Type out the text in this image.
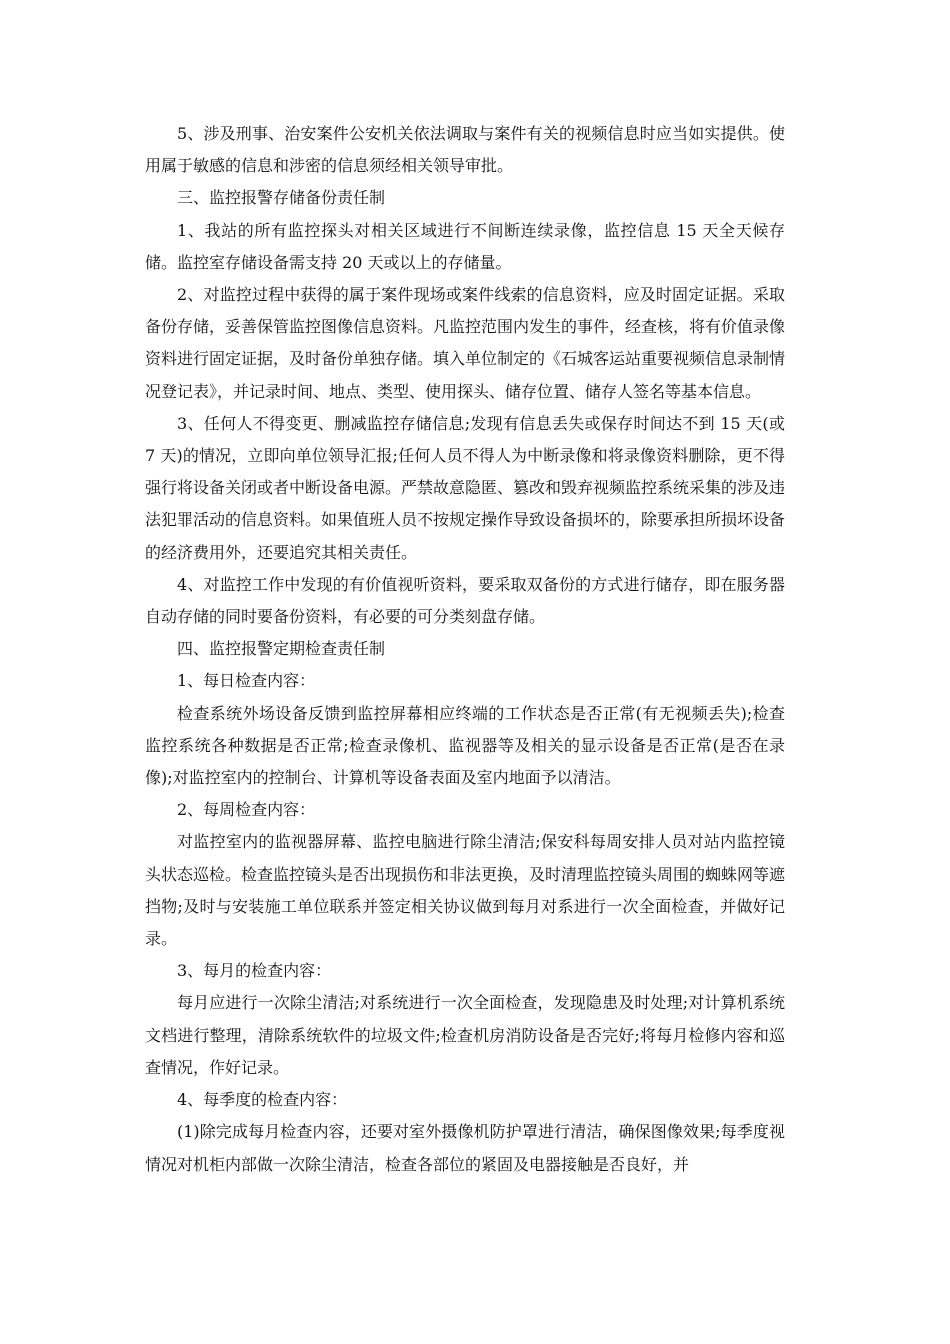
5、涉及刑事、治安案件公安机关依法调取与案件有关的视频信息时应当如实提供。使用属于敏感的信息和涉密的信息须经相关领导审批。

三、监控报警存储备份责任制

1、我站的所有监控探头对相关区域进行不间断连续录像，监控信息 15 天全天候存储。监控室存储设备需支持 20 天或以上的存储量。

2、对监控过程中获得的属于案件现场或案件线索的信息资料，应及时固定证据。采取备份存储，妥善保管监控图像信息资料。凡监控范围内发生的事件，经查核，将有价值录像资料进行固定证据，及时备份单独存储。填入单位制定的《石城客运站重要视频信息录制情况登记表》，并记录时间、地点、类型、使用探头、储存位置、储存人签名等基本信息。

3、任何人不得变更、删减监控存储信息;发现有信息丢失或保存时间达不到 15 天(或 7 天)的情况，立即向单位领导汇报;任何人员不得人为中断录像和将录像资料删除，更不得强行将设备关闭或者中断设备电源。严禁故意隐匿、篡改和毁弃视频监控系统采集的涉及违法犯罪活动的信息资料。如果值班人员不按规定操作导致设备损坏的，除要承担所损坏设备的经济费用外，还要追究其相关责任。

4、对监控工作中发现的有价值视听资料，要采取双备份的方式进行储存，即在服务器自动存储的同时要备份资料，有必要的可分类刻盘存储。

四、监控报警定期检查责任制

1、每日检查内容：

检查系统外场设备反馈到监控屏幕相应终端的工作状态是否正常(有无视频丢失);检查监控系统各种数据是否正常;检查录像机、监视器等及相关的显示设备是否正常(是否在录像);对监控室内的控制台、计算机等设备表面及室内地面予以清洁。

2、每周检查内容：

对监控室内的监视器屏幕、监控电脑进行除尘清洁;保安科每周安排人员对站内监控镜头状态巡检。检查监控镜头是否出现损伤和非法更换，及时清理监控镜头周围的蜘蛛网等遮挡物;及时与安装施工单位联系并签定相关协议做到每月对系进行一次全面检查，并做好记录。

3、每月的检查内容：

每月应进行一次除尘清洁;对系统进行一次全面检查，发现隐患及时处理;对计算机系统文档进行整理，清除系统软件的垃圾文件;检查机房消防设备是否完好;将每月检修内容和巡查情况，作好记录。

4、每季度的检查内容：

(1)除完成每月检查内容，还要对室外摄像机防护罩进行清洁，确保图像效果;每季度视情况对机柜内部做一次除尘清洁，检查各部位的紧固及电器接触是否良好，并
